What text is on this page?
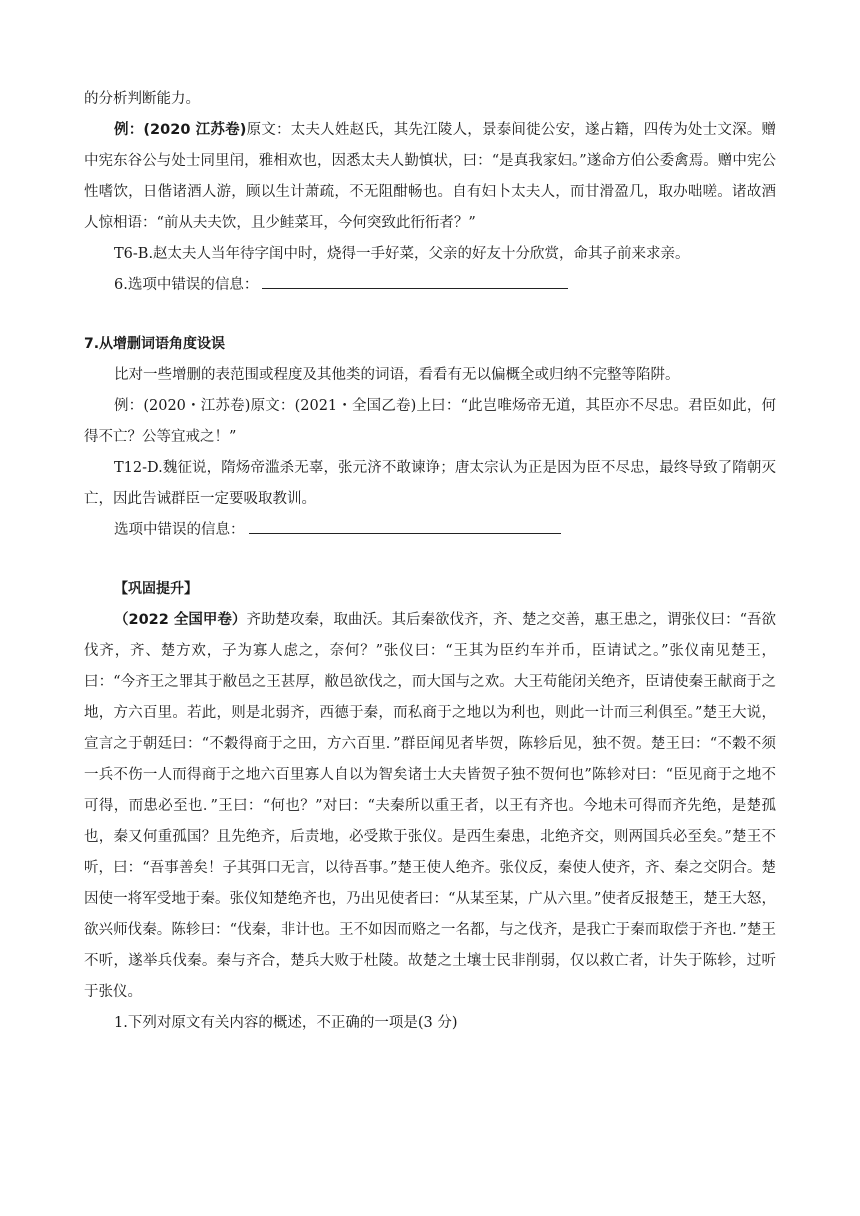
的分析判断能力。

例：(2020 江苏卷)原文：太夫人姓赵氏，其先江陵人，景泰间徙公安，遂占籍，四传为处士文深。赠中宪东谷公与处士同里闬，雅相欢也，因悉太夫人勤慎状，曰：“是真我家妇。”遂命方伯公委禽焉。赠中宪公性嗜饮，日偕诸酒人游，顾以生计萧疏，不无阻酣畅也。自有妇卜太夫人，而甘滑盈几，取办咄嗟。诸故酒人惊相语：“前从夫夫饮，且少鲑菜耳，今何突致此衎衎者？”

T6-B.赵太夫人当年待字闺中时，烧得一手好菜，父亲的好友十分欣赏，命其子前来求亲。

6.选项中错误的信息：

7.从增删词语角度设误

比对一些增删的表范围或程度及其他类的词语，看看有无以偏概全或归纳不完整等陷阱。

例：(2020・江苏卷)原文：(2021・全国乙卷)上曰：“此岂唯炀帝无道，其臣亦不尽忠。君臣如此，何得不亡？公等宜戒之！”

T12-D.魏征说，隋炀帝滥杀无辜，张元济不敢谏诤；唐太宗认为正是因为臣不尽忠，最终导致了隋朝灭亡，因此告诫群臣一定要吸取教训。

选项中错误的信息：

【巩固提升】

（2022 全国甲卷）齐助楚攻秦，取曲沃。其后秦欲伐齐，齐、楚之交善，惠王患之，谓张仪曰：“吾欲伐齐，齐、楚方欢，子为寡人虑之，奈何？”张仪曰：“王其为臣约车并币，臣请试之。”张仪南见楚王，曰：“今齐王之罪其于敝邑之王甚厚，敝邑欲伐之，而大国与之欢。大王苟能闭关绝齐，臣请使秦王献商于之地，方六百里。若此，则是北弱齐，西德于秦，而私商于之地以为利也，则此一计而三利俱至。”楚王大说，宣言之于朝廷曰：“不穀得商于之田，方六百里．”群臣闻见者毕贺，陈轸后见，独不贺。楚王曰：“不穀不须一兵不伤一人而得商于之地六百里寡人自以为智矣诸士大夫皆贺子独不贺何也”陈轸对曰：“臣见商于之地不可得，而患必至也．”王曰：“何也？”对曰：“夫秦所以重王者，以王有齐也。今地未可得而齐先绝，是楚孤也，秦又何重孤国？且先绝齐，后责地，必受欺于张仪。是西生秦患，北绝齐交，则两国兵必至矣。”楚王不听，曰：“吾事善矣！子其弭口无言，以待吾事。”楚王使人绝齐。张仪反，秦使人使齐，齐、秦之交阴合。楚因使一将军受地于秦。张仪知楚绝齐也，乃出见使者曰：“从某至某，广从六里。”使者反报楚王，楚王大怒，欲兴师伐秦。陈轸曰：“伐秦，非计也。王不如因而赂之一名都，与之伐齐，是我亡于秦而取偿于齐也．”楚王不听，遂举兵伐秦。秦与齐合，楚兵大败于杜陵。故楚之土壤士民非削弱，仅以救亡者，计失于陈轸，过听于张仪。

1.下列对原文有关内容的概述，不正确的一项是(3 分)
